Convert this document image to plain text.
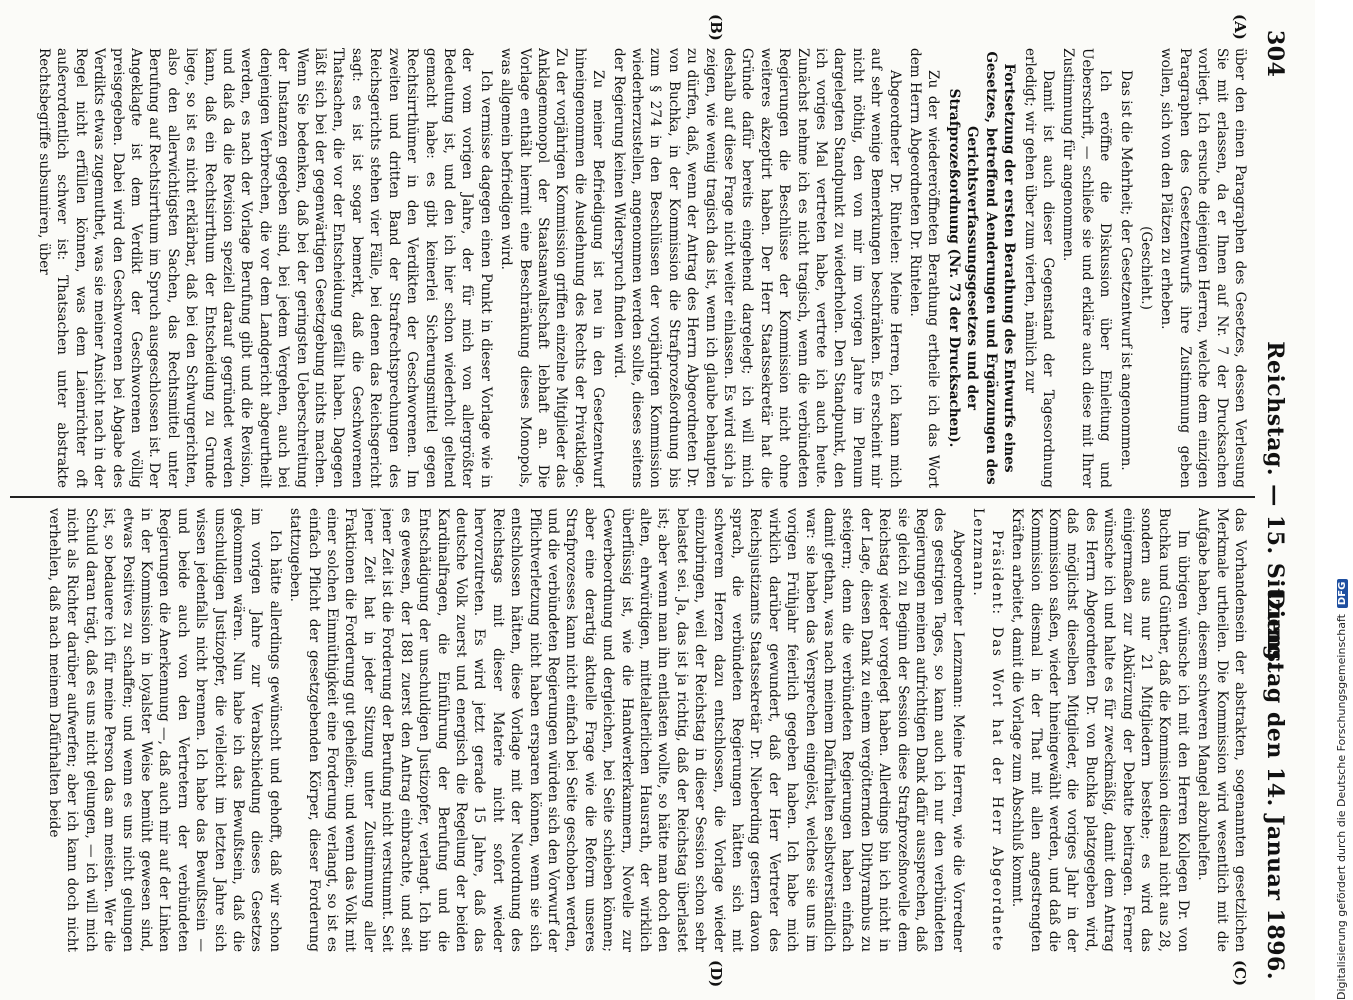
304
Reichstag. — 15. Sitzung.
Dienstag den 14. Januar 1896.
(A)
(B)
(C)
(D)

über den einen Paragraphen des Gesetzes, dessen Verlesung Sie mit erlassen, da er Ihnen auf Nr. 7 der Drucksachen vorliegt. Ich ersuche diejenigen Herren, welche dem einzigen Paragraphen des Gesetzentwurfs ihre Zustimmung geben wollen, sich von den Plätzen zu erheben.

(Geschieht.)

Das ist die Mehrheit; der Gesetzentwurf ist angenommen.

Ich eröffne die Diskussion über Einleitung und Ueberschrift, — schließe sie und erkläre auch diese mit Ihrer Zustimmung für angenommen.

Damit ist auch dieser Gegenstand der Tagesordnung erledigt; wir gehen über zum vierten, nämlich zur

Fortsetzung der ersten Berathung des Entwurfs eines Gesetzes, betreffend Aenderungen und Ergänzungen des Gerichtsverfassungsgesetzes und der Strafprozeßordnung (Nr. 73 der Drucksachen).

Zu der wiedereröffneten Berathung ertheile ich das Wort dem Herrn Abgeordneten Dr. Rintelen.

Abgeordneter Dr. Rintelen: Meine Herren, ich kann mich auf sehr wenige Bemerkungen beschränken. Es erscheint mir nicht nöthig, den von mir im vorigen Jahre im Plenum dargelegten Standpunkt zu wiederholen. Den Standpunkt, den ich voriges Mal vertreten habe, vertrete ich auch heute. Zunächst nehme ich es nicht tragisch, wenn die verbündeten Regierungen die Beschlüsse der Kommission nicht ohne weiteres akzeptirt haben. Der Herr Staatssekretär hat die Gründe dafür bereits eingehend dargelegt; ich will mich deshalb auf diese Frage nicht weiter einlassen. Es wird sich ja zeigen, wie wenig tragisch das ist, wenn ich glaube behaupten zu dürfen, daß, wenn der Antrag des Herrn Abgeordneten Dr. von Buchka, in der Kommission die Strafprozeßordnung bis zum § 274 in den Beschlüssen der vorjährigen Kommission wiederherzustellen, angenommen werden sollte, dieses seitens der Regierung keinen Widerspruch finden wird.

Zu meiner Befriedigung ist neu in den Gesetzentwurf hineingenommen die Ausdehnung des Rechts der Privatklage. Zu der vorjährigen Kommission griffen einzelne Mitglieder das Anklagemonopol der Staatsanwaltschaft lebhaft an. Die Vorlage enthält hiermit eine Beschränkung dieses Monopols, was allgemein befriedigen wird.

Ich vermisse dagegen einen Punkt in dieser Vorlage wie in der vom vorigen Jahre, der für mich von allergrößter Bedeutung ist, und den ich hier schon wiederholt geltend gemacht habe: es gibt keinerlei Sicherungsmittel gegen Rechtsirrthümer in den Verdikten der Geschworenen. Im zweiten und dritten Band der Strafrechtsprechungen des Reichsgerichts stehen vier Fälle, bei denen das Reichsgericht sagt: es ist ist sogar bemerkt, daß die Geschworenen Thatsachen, die vor der Entscheidung gefällt haben. Dagegen läßt sich bei der gegenwärtigen Gesetzgebung nichts machen. Wenn Sie bedenken, daß bei der geringsten Ueberschreitung der Instanzen gegeben sind, bei jedem Vergehen, auch bei denjenigen Verbrechen, die vor dem Landgericht abgeurtheilt werden, es nach der Vorlage Berufung gibt und die Revision, und daß da die Revision speziell darauf gegründet werden kann, daß ein Rechtsirrthum der Entscheidung zu Grunde liege, so ist es nicht erklärbar, daß bei den Schwurgerichten, also den allerwichtigsten Sachen, das Rechtsmittel unter Berufung auf Rechtsirrthum im Spruch ausgeschlossen ist. Der Angeklagte ist dem Verdikt der Geschworenen völlig preisgegeben. Dabei wird den Geschworenen bei Abgabe des Verdikts etwas zugemuthet, was sie meiner Ansicht nach in der Regel nicht erfüllen können, was dem Laienrichter oft außerordentlich schwer ist: Thatsachen unter abstrakte Rechtsbegriffe subsumiren, über

das Vorhandensein der abstrakten, sogenannten gesetzlichen Merkmale urtheilen. Die Kommission wird wesentlich mit die Aufgabe haben, diesem schweren Mangel abzuhelfen.

Im übrigen wünsche ich mit den Herren Kollegen Dr. von Buchka und Günther, daß die Kommission diesmal nicht aus 28, sondern aus nur 21 Mitgliedern bestehe; es wird das einigermaßen zur Abkürzung der Debatte beitragen. Ferner wünsche ich und halte es für zweckmäßig, damit dem Antrag des Herrn Abgeordneten Dr. von Buchka platzgegeben wird, daß möglichst dieselben Mitglieder, die voriges Jahr in der Kommission saßen, wieder hineingewählt werden, und daß die Kommission diesmal in der That mit allen angestrengten Kräften arbeitet, damit die Vorlage zum Abschluß kommt.

Präsident: Das Wort hat der Herr Abgeordnete Lenzmann.

Abgeordneter Lenzmann: Meine Herren, wie die Vorredner des gestrigen Tages, so kann auch ich nur den verbündeten Regierungen meinen aufrichtigen Dank dafür aussprechen, daß sie gleich zu Beginn der Session diese Strafprozeßnovelle dem Reichstag wieder vorgelegt haben. Allerdings bin ich nicht in der Lage, diesen Dank zu einem vergötternden Dithyrambus zu steigern; denn die verbündeten Regierungen haben einfach damit gethan, was nach meinem Dafürhalten selbstverständlich war: sie haben das Versprechen eingelöst, welches sie uns im vorigen Frühjahr feierlich gegeben haben. Ich habe mich wirklich darüber gewundert, daß der Herr Vertreter des Reichsjustizamts Staatssekretär Dr. Nieberding gestern davon sprach, die verbündeten Regierungen hätten sich mit schwerem Herzen dazu entschlossen, die Vorlage wieder einzubringen, weil der Reichstag in dieser Session schon sehr belastet sei. Ja, das ist ja richtig, daß der Reichstag überlastet ist; aber wenn man ihn entlasten wollte, so hätte man doch den alten, ehrwürdigen, mittelalterlichen Hausrath, der wirklich überflüssig ist, wie die Handwerkerkammern, Novelle zur Gewerbeordnung und dergleichen, bei Seite schieben können; aber eine derartig aktuelle Frage wie die Reform unseres Strafprozesses kann nicht einfach bei Seite geschoben werden, und die verbündeten Regierungen würden sich den Vorwurf der Pflichtverletzung nicht haben ersparen können, wenn sie sich entschlossen hätten, diese Vorlage mit der Neuordnung des Reichstags mit dieser Materie nicht sofort wieder hervorzutreten. Es wird jetzt gerade 15 Jahre, daß das deutsche Volk zuerst und energisch die Regelung der beiden Kardinalfragen, die Einführung der Berufung und die Entschädigung der unschuldigen Justizopfer, verlangt. Ich bin es gewesen, der 1881 zuerst den Antrag einbrachte, und seit jener Zeit ist die Forderung der Berufung nicht verstummt. Seit jener Zeit hat in jeder Sitzung unter Zustimmung aller Fraktionen die Forderung gut geheißen; und wenn das Volk mit einer solchen Einmüthigkeit eine Forderung verlangt, so ist es einfach Pflicht der gesetzgebenden Körper, dieser Forderung stattzugeben.

Ich hätte allerdings gewünscht und gehofft, daß wir schon im vorigen Jahre zur Verabschiedung dieses Gesetzes gekommen wären. Nun habe ich das Bewußtsein, daß die unschuldigen Justizopfer, die vielleicht im letzten Jahre sich wissen jedenfalls nicht brennen. Ich habe das Bewußtsein — und beide auch von den Vertretern der verbündeten Regierungen die Anerkennung —, daß auch mir auf der Linken in der Kommission in loyalster Weise bemüht gewesen sind, etwas Positives zu schaffen; und wenn es uns nicht gelungen ist, so bedauere ich für meine Person das am meisten. Wer die Schuld daran trägt, daß es uns nicht gelungen, — ich will mich nicht als Richter darüber aufwerfen; aber ich kann doch nicht verhehlen, daß nach meinem Dafürhalten beide	Digitalisierung gefördert durch die Deutsche ForschungsgemeinschaftDFG
